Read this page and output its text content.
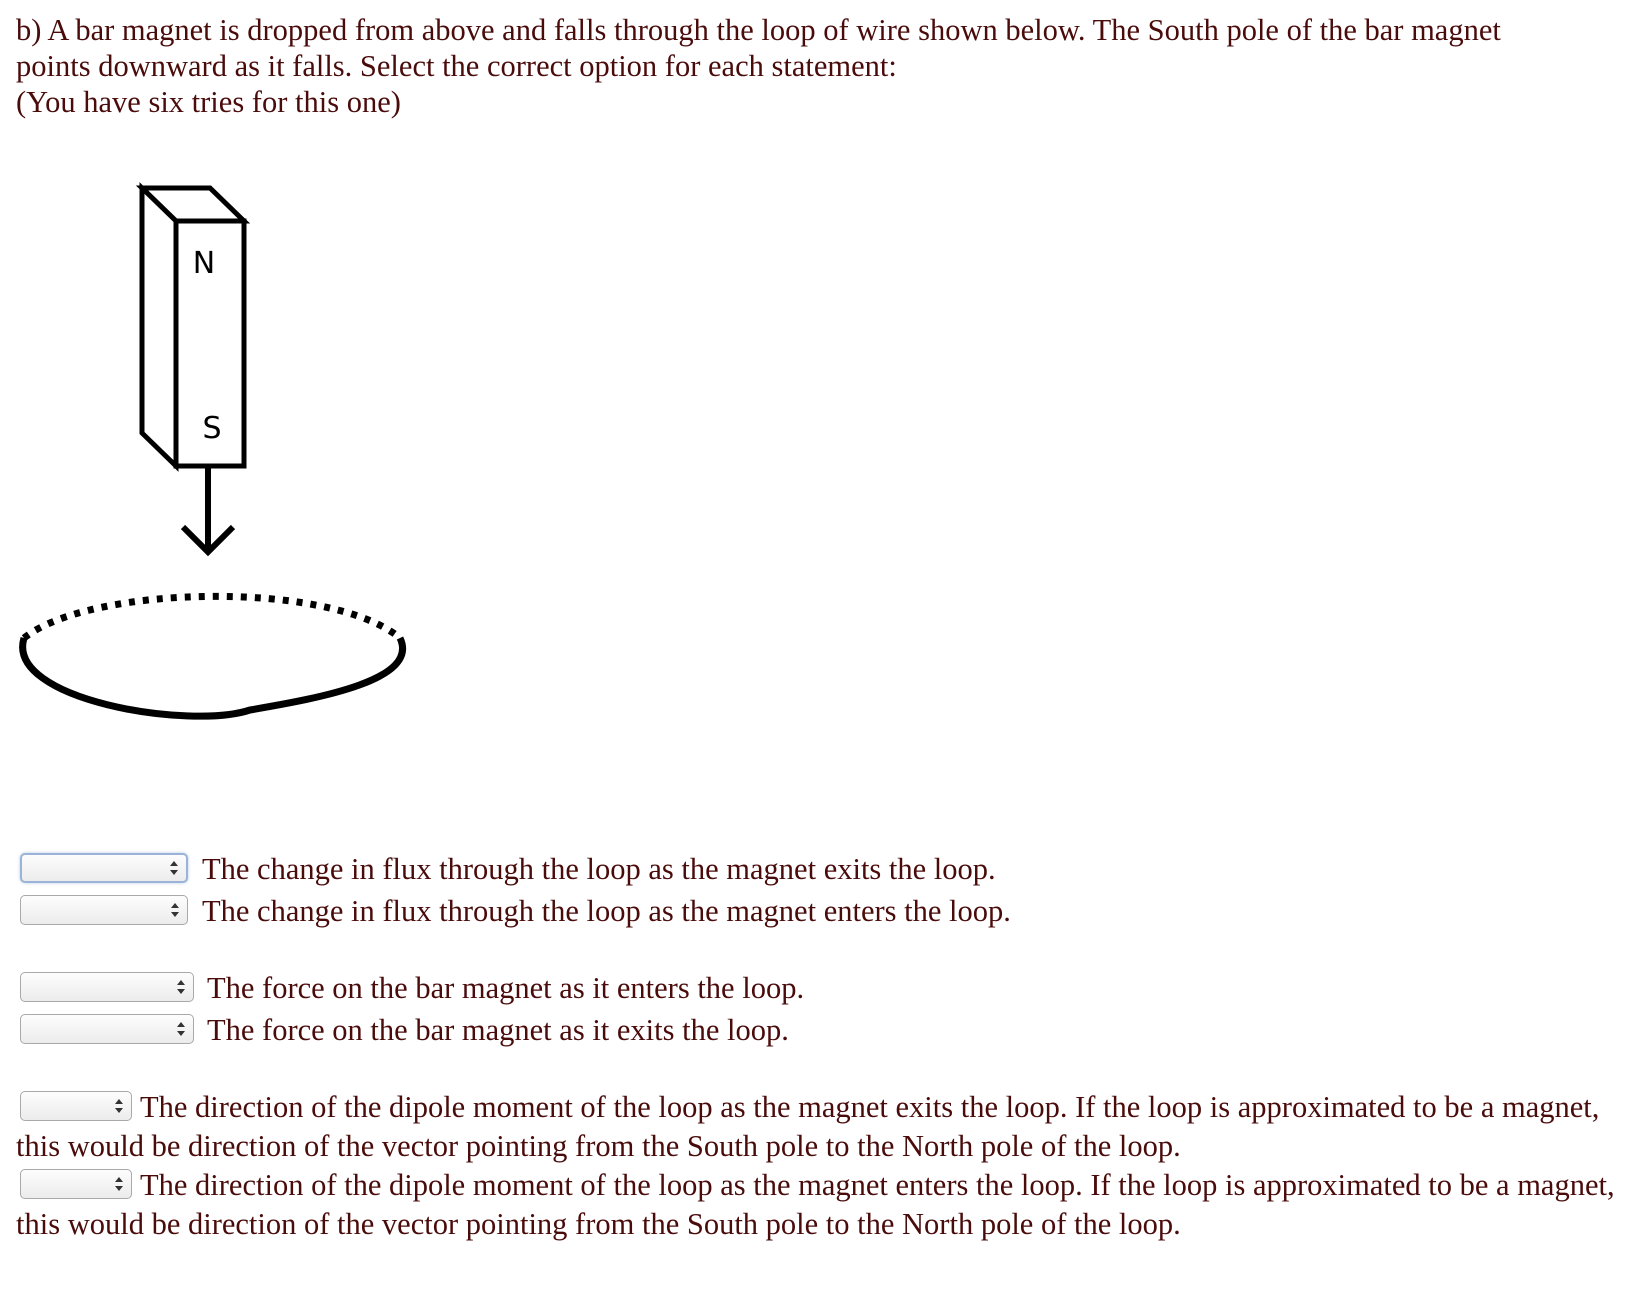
b) A bar magnet is dropped from above and falls through the loop of wire shown below. The South pole of the bar magnet
points downward as it falls. Select the correct option for each statement:
(You have six tries for this one)
N
S
The change in flux through the loop as the magnet exits the loop.
The change in flux through the loop as the magnet enters the loop.
The force on the bar magnet as it enters the loop.
The force on the bar magnet as it exits the loop.
The direction of the dipole moment of the loop as the magnet exits the loop. If the loop is approximated to be a magnet, this would be direction of the vector pointing from the South pole to the North pole of the loop.
The direction of the dipole moment of the loop as the magnet enters the loop. If the loop is approximated to be a magnet, this would be direction of the vector pointing from the South pole to the North pole of the loop.
